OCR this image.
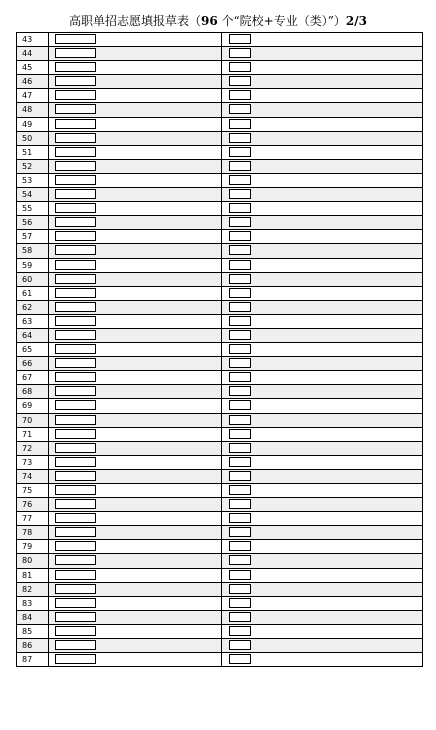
高职单招志愿填报草表（96 个“院校+专业（类）”）2/3
43
44
45
46
47
48
49
50
51
52
53
54
55
56
57
58
59
60
61
62
63
64
65
66
67
68
69
70
71
72
73
74
75
76
77
78
79
80
81
82
83
84
85
86
87
